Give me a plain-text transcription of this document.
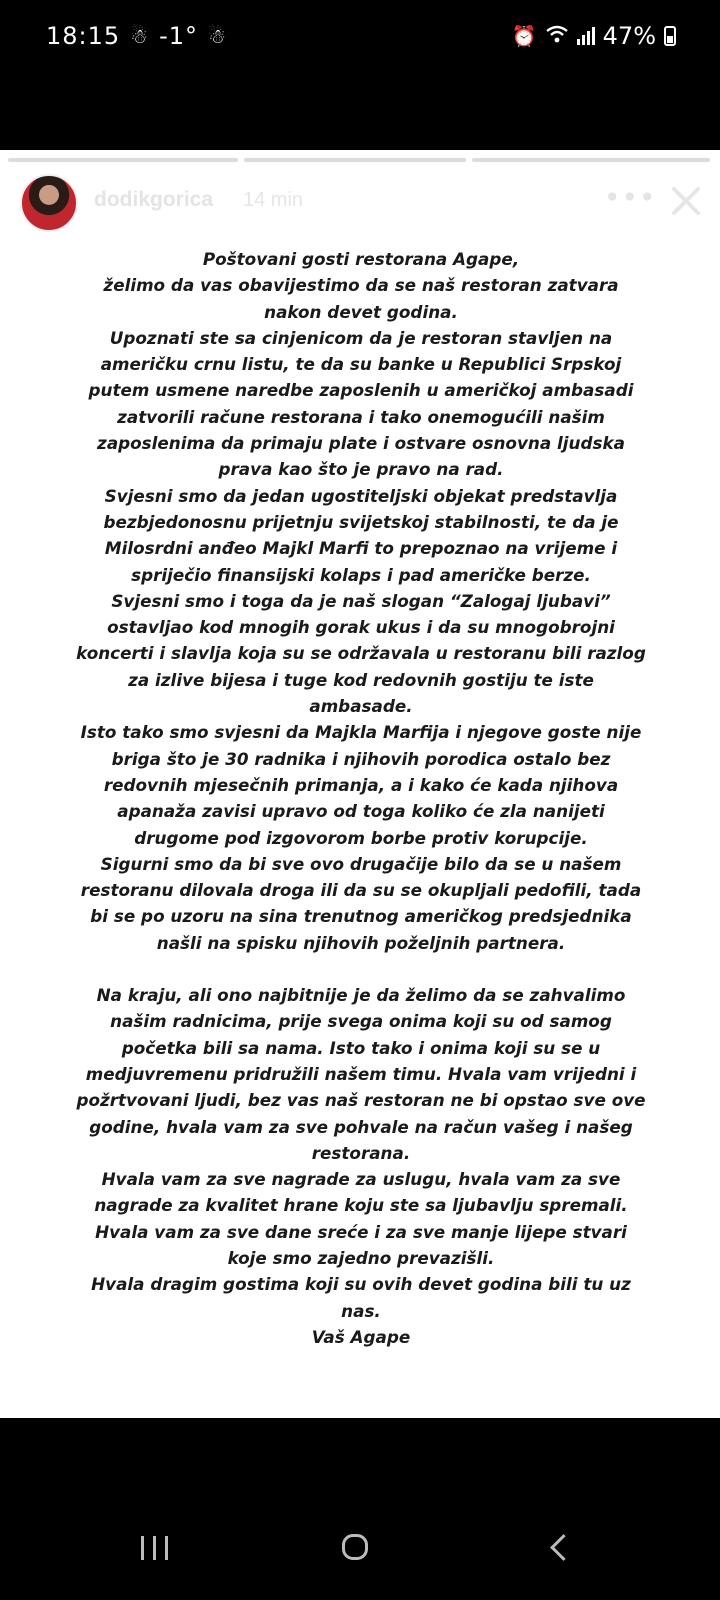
18:15 ☃ -1° ☃	⏰	47%
dodikgorica 14 min	•••

Poštovani gosti restorana Agape,
želimo da vas obavijestimo da se naš restoran zatvara nakon devet godina.

Upoznati ste sa cinjenicom da je restoran stavljen na američku crnu listu, te da su banke u Republici Srpskoj putem usmene naredbe zaposlenih u američkoj ambasadi zatvorili račune restorana i tako onemogućili našim zaposlenima da primaju plate i ostvare osnovna ljudska prava kao što je pravo na rad.

Svjesni smo da jedan ugostiteljski objekat predstavlja bezbjedonosnu prijetnju svijetskoj stabilnosti, te da je Milosrdni anđeo Majkl Marfi to prepoznao na vrijeme i spriječio finansijski kolaps i pad američke berze.

Svjesni smo i toga da je naš slogan “Zalogaj ljubavi” ostavljao kod mnogih gorak ukus i da su mnogobrojni koncerti i slavlja koja su se održavala u restoranu bili razlog za izlive bijesa i tuge kod redovnih gostiju te iste ambasade.

Isto tako smo svjesni da Majkla Marfija i njegove goste nije briga što je 30 radnika i njihovih porodica ostalo bez redovnih mjesečnih primanja, a i kako će kada njihova apanaža zavisi upravo od toga koliko će zla nanijeti drugome pod izgovorom borbe protiv korupcije.

Sigurni smo da bi sve ovo drugačije bilo da se u našem restoranu dilovala droga ili da su se okupljali pedofili, tada bi se po uzoru na sina trenutnog američkog predsjednika našli na spisku njihovih poželjnih partnera.

Na kraju, ali ono najbitnije je da želimo da se zahvalimo našim radnicima, prije svega onima koji su od samog početka bili sa nama. Isto tako i onima koji su se u medjuvremenu pridružili našem timu. Hvala vam vrijedni i požrtvovani ljudi, bez vas naš restoran ne bi opstao sve ove godine, hvala vam za sve pohvale na račun vašeg i našeg restorana.

Hvala vam za sve nagrade za uslugu, hvala vam za sve nagrade za kvalitet hrane koju ste sa ljubavlju spremali. Hvala vam za sve dane sreće i za sve manje lijepe stvari koje smo zajedno prevazišli.

Hvala dragim gostima koji su ovih devet godina bili tu uz nas.

Vaš Agape
